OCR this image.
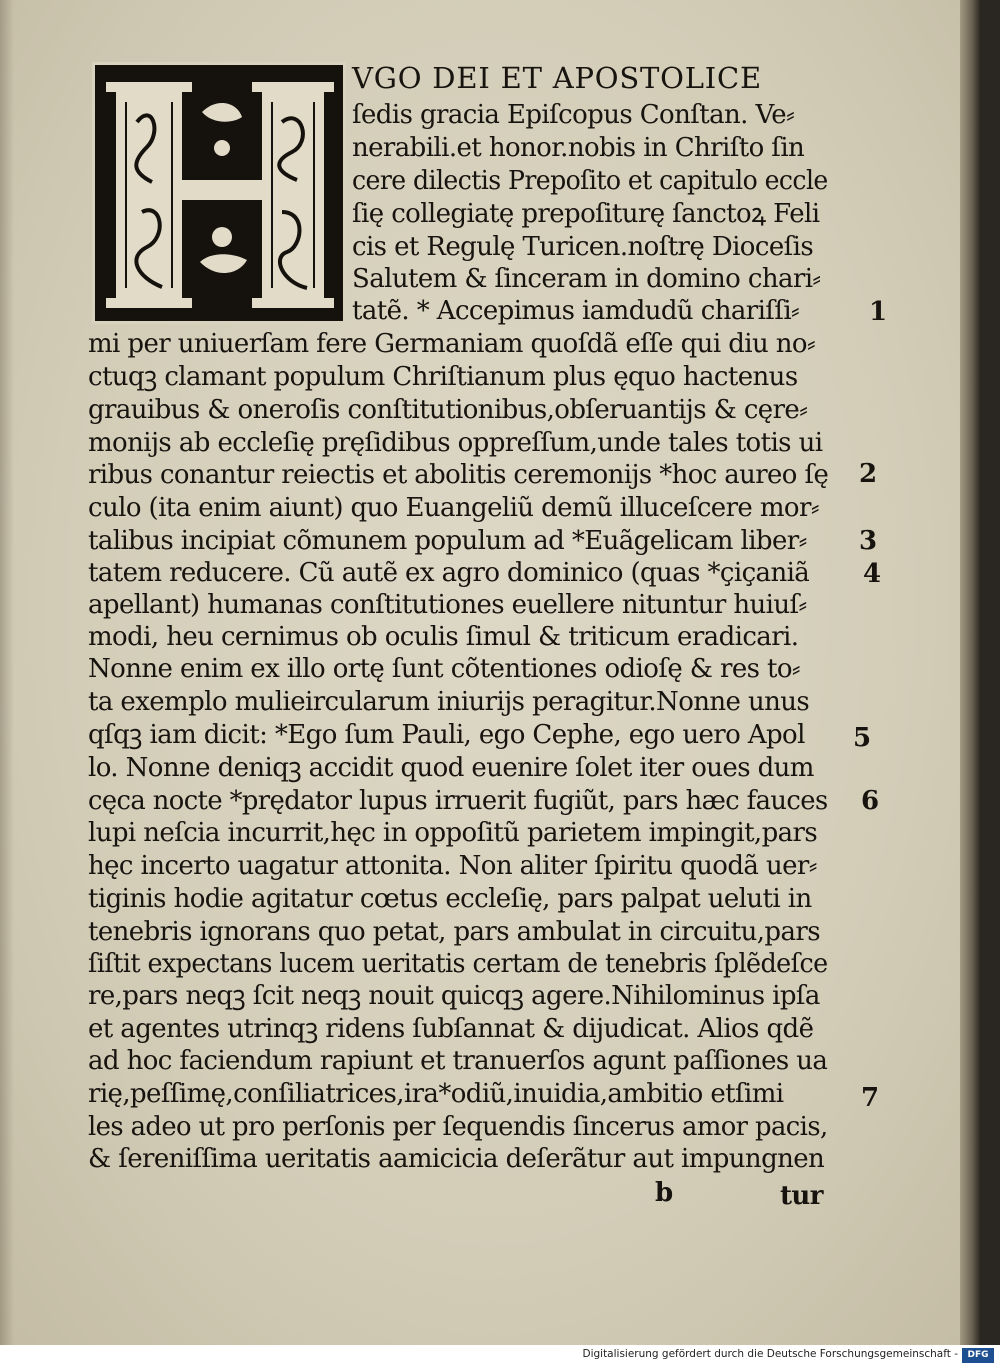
VGO DEI ET APOSTOLICE
ſedis gracia Epiſcopus Conſtan. Ve⸗
nerabili.et honor.nobis in Chriſto ſin
cere dilectis Prepoſito et capitulo eccle
ſię collegiatę prepoſiturę ſanctoꝝ Feli
cis et Regulę Turicen.noſtrę Diocеſis
Salutem & ſinceram in domino chari⸗
tatẽ. * Accepimus iamdudũ chariſſi⸗
mi per uniuerſam fere Germaniam quoſdã eſſe qui diu no⸗
ctuqꝫ clamant populum Chriſtianum plus ęquo hactenus
grauibus & oneroſis conſtitutionibus,obſeruantijs & cęre⸗
monijs ab eccleſię pręſidibus oppreſſum,unde tales totis ui
ribus conantur reiectis et abolitis ceremonijs *hoc aureo ſę
culo (ita enim aiunt) quo Euangeliũ demũ illuceſcere mor⸗
talibus incipiat cõmunem populum ad *Euãgelicam liber⸗
tatem reducere. Cũ autẽ ex agro dominico (quas *çiçaniã
apellant) humanas conſtitutiones euellere nituntur huiuſ⸗
modi, heu cernimus ob oculis ſimul & triticum eradicari.
Nonne enim ex illo ortę ſunt cõtentiones odioſę & res to⸗
ta exemplo mulieircularum iniurijs peragitur.Nonne unus
qſqꝫ iam dicit: *Ego ſum Pauli, ego Cephe, ego uero Apol
lo. Nonne deniqꝫ accidit quod euenire ſolet iter oues dum
cęca nocte *prędator lupus irruerit fugiũt, pars hæc fauces
lupi neſcia incurrit,hęc in oppoſitũ parietem impingit,pars
hęc incerto uagatur attonita. Non aliter ſpiritu quodã uer⸗
tiginis hodie agitatur cœtus eccleſię, pars palpat ueluti in
tenebris ignorans quo petat, pars ambulat in circuitu,pars
ſiſtit expectans lucem ueritatis certam de tenebris ſplẽdeſce
re,pars neqꝫ ſcit neqꝫ nouit quicqꝫ agere.Nihilominus ipſa
et agentes utrinqꝫ ridens ſubſannat & dijudicat. Alios qdẽ
ad hoc faciendum rapiunt et tranuerſos agunt paſſiones ua
rię,peſſimę,conſiliatrices,ira*odiũ,inuidia,ambitio etſimi
les adeo ut pro perſonis per ſequendis ſincerus amor pacis,
& ſereniſſima ueritatis aamicicia deſerãtur aut impungnen
b	tur
1
2
3
4
5
6
7
Digitalisierung gefördert durch die Deutsche Forschungsgemeinschaft -	DFG
